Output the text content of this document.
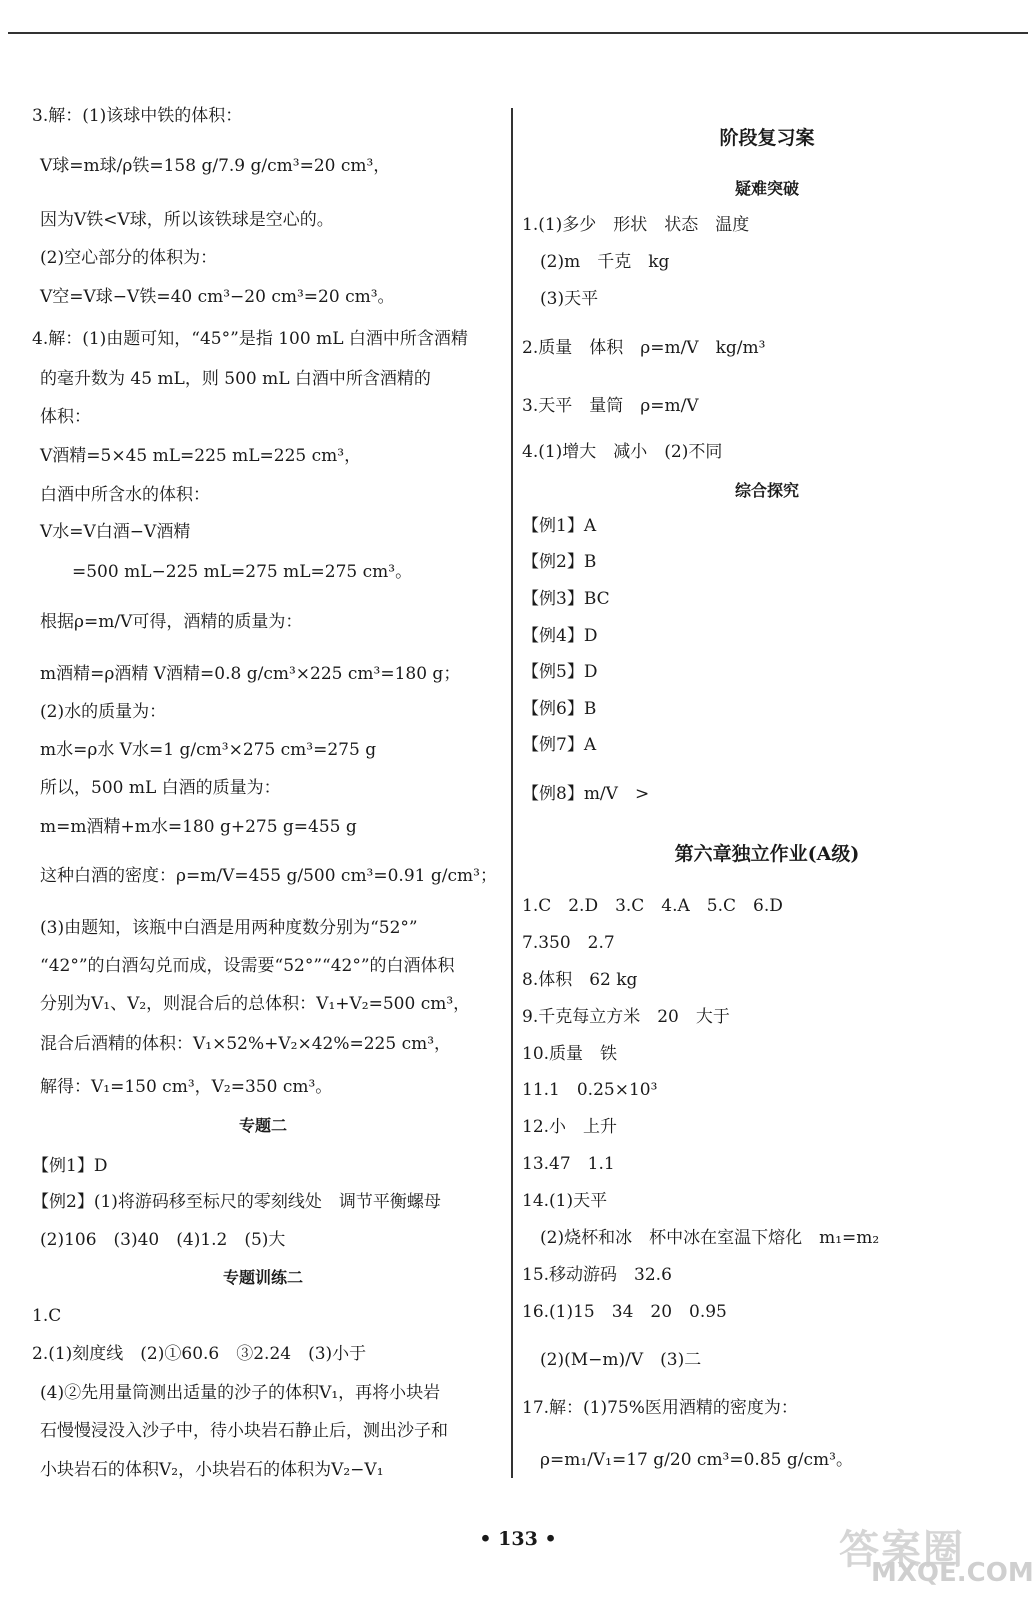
3.解：(1)该球中铁的体积：
V球=m球/ρ铁=158 g/7.9 g/cm³=20 cm³，
因为V铁<V球，所以该铁球是空心的。
(2)空心部分的体积为：
V空=V球−V铁=40 cm³−20 cm³=20 cm³。
4.解：(1)由题可知，“45°”是指 100 mL 白酒中所含酒精
的毫升数为 45 mL，则 500 mL 白酒中所含酒精的
体积：
V酒精=5×45 mL=225 mL=225 cm³，
白酒中所含水的体积：
V水=V白酒−V酒精
=500 mL−225 mL=275 mL=275 cm³。
根据ρ=m/V可得，酒精的质量为：
m酒精=ρ酒精 V酒精=0.8 g/cm³×225 cm³=180 g；
(2)水的质量为：
m水=ρ水 V水=1 g/cm³×275 cm³=275 g
所以，500 mL 白酒的质量为：
m=m酒精+m水=180 g+275 g=455 g
这种白酒的密度：ρ=m/V=455 g/500 cm³=0.91 g/cm³；
(3)由题知，该瓶中白酒是用两种度数分别为“52°”
“42°”的白酒勾兑而成，设需要“52°”“42°”的白酒体积
分别为V₁、V₂，则混合后的总体积：V₁+V₂=500 cm³，
混合后酒精的体积：V₁×52%+V₂×42%=225 cm³，
解得：V₁=150 cm³，V₂=350 cm³。
专题二
【例1】D
【例2】(1)将游码移至标尺的零刻线处　调节平衡螺母
(2)106　(3)40　(4)1.2　(5)大
专题训练二
1.C
2.(1)刻度线　(2)①60.6　③2.24　(3)小于
(4)②先用量筒测出适量的沙子的体积V₁，再将小块岩
石慢慢浸没入沙子中，待小块岩石静止后，测出沙子和
小块岩石的体积V₂，小块岩石的体积为V₂−V₁
阶段复习案
疑难突破
1.(1)多少　形状　状态　温度
(2)m　千克　kg
(3)天平
2.质量　体积　ρ=m/V　kg/m³
3.天平　量筒　ρ=m/V
4.(1)增大　减小　(2)不同
综合探究
【例1】A
【例2】B
【例3】BC
【例4】D
【例5】D
【例6】B
【例7】A
【例8】m/V　>
第六章独立作业(A级)
1.C　2.D　3.C　4.A　5.C　6.D
7.350　2.7
8.体积　62 kg
9.千克每立方米　20　大于
10.质量　铁
11.1　0.25×10³
12.小　上升
13.47　1.1
14.(1)天平
(2)烧杯和冰　杯中冰在室温下熔化　m₁=m₂
15.移动游码　32.6
16.(1)15　34　20　0.95
(2)(M−m)/V　(3)二
17.解：(1)75%医用酒精的密度为：
ρ=m₁/V₁=17 g/20 cm³=0.85 g/cm³。
• 133 •	答案圈
MXQE.COM
